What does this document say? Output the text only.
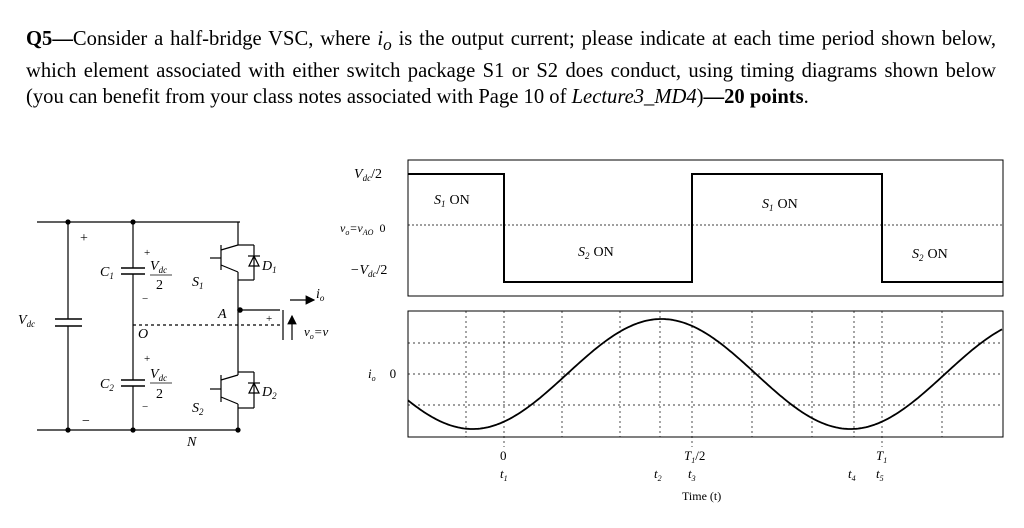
Q5—Consider a half-bridge VSC, where $i_o$ is the output current; please indicate at each time period shown below, which element associated with either switch package S1 or S2 does conduct, using timing diagrams shown below (you can benefit from your class notes associated with Page 10 of Lecture3_MD4)—20 points.
$V_{dc}$
+
−
$C_1$
$C_2$
+
$V_{dc}$
2
−
+
$V_{dc}$
2
−
O
$S_1$
$S_2$
$D_1$
$D_2$
A
N
$i_o$
+
$v_o=v$
$V_{dc}/2$
$v_o=v_{AO}$ 0
$-V_{dc}/2$
$S_1$ ON
$S_2$ ON
$S_1$ ON
$S_2$ ON
$i_o$ 0
0
$t_1$	$t_2$
$T_1/2$
$t_3$	$t_4$
$T_1$
$t_5$
Time (t)
